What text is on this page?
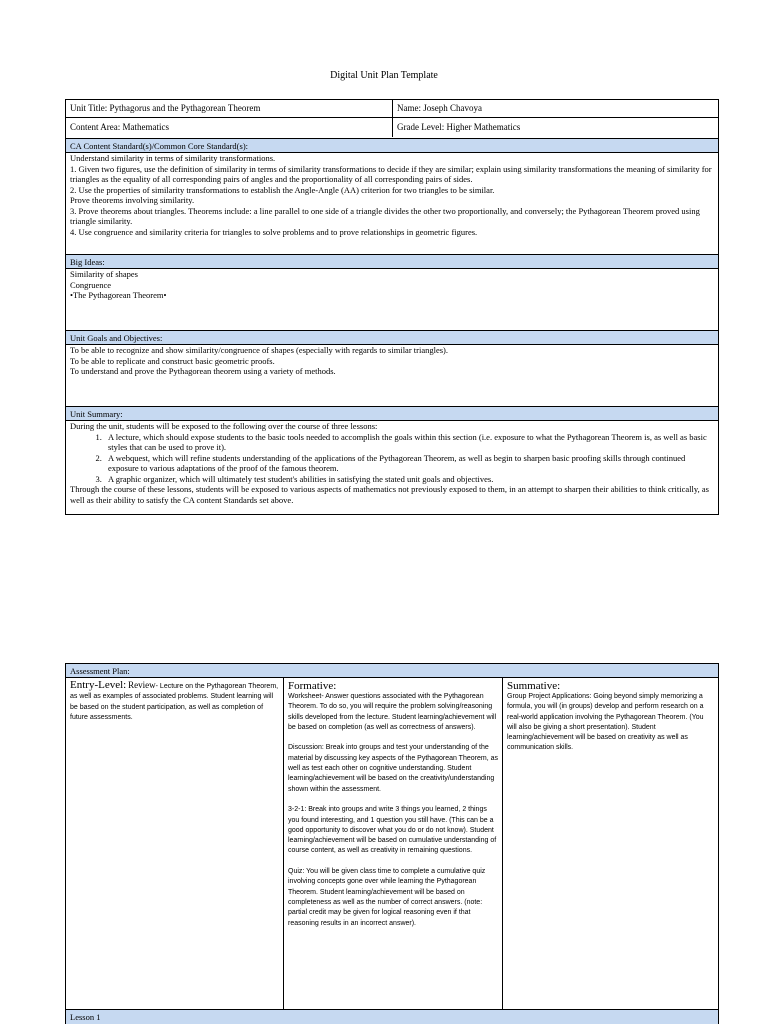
Digital Unit Plan Template
Unit Title: Pythagorus and the Pythagorean Theorem	Name: Joseph Chavoya
Content Area: Mathematics	Grade Level: Higher Mathematics
CA Content Standard(s)/Common Core Standard(s):

Understand similarity in terms of similarity transformations.

1. Given two figures, use the definition of similarity in terms of similarity transformations to decide if they are similar; explain using similarity transformations the meaning of similarity for triangles as the equality of all corresponding pairs of angles and the proportionality of all corresponding pairs of sides.

2. Use the properties of similarity transformations to establish the Angle-Angle (AA) criterion for two triangles to be similar.

Prove theorems involving similarity.

3. Prove theorems about triangles. Theorems include: a line parallel to one side of a triangle divides the other two proportionally, and conversely; the Pythagorean Theorem proved using triangle similarity.

4. Use congruence and similarity criteria for triangles to solve problems and to prove relationships in geometric figures.

Big Ideas:

Similarity of shapes

Congruence

•The Pythagorean Theorem•

Unit Goals and Objectives:

To be able to recognize and show similarity/congruence of shapes (especially with regards to similar triangles).

To be able to replicate and construct basic geometric proofs.

To understand and prove the Pythagorean theorem using a variety of methods.

Unit Summary:

During the unit, students will be exposed to the following over the course of three lessons:

1. A lecture, which should expose students to the basic tools needed to accomplish the goals within this section (i.e. exposure to what the Pythagorean Theorem is, as well as basic styles that can be used to prove it).
2. A webquest, which will refine students understanding of the applications of the Pythagorean Theorem, as well as begin to sharpen basic proofing skills through continued exposure to various adaptations of the proof of the famous theorem.
3. A graphic organizer, which will ultimately test student's abilities in satisfying the stated unit goals and objectives.

Through the course of these lessons, students will be exposed to various aspects of mathematics not previously exposed to them, in an attempt to sharpen their abilities to think critically, as well as their ability to satisfy the CA content Standards set above.

Assessment Plan:
Entry-Level: Review- Lecture on the Pythagorean Theorem, as well as examples of associated problems. Student learning will be based on the student participation, as well as completion of future assessments.
Formative:

Worksheet- Answer questions associated with the Pythagorean Theorem. To do so, you will require the problem solving/reasoning skills developed from the lecture. Student learning/achievement will be based on completion (as well as correctness of answers).

Discussion: Break into groups and test your understanding of the material by discussing key aspects of the Pythagorean Theorem, as well as test each other on cognitive understanding. Student learning/achievement will be based on the creativity/understanding shown within the assessment.

3-2-1: Break into groups and write 3 things you learned, 2 things you found interesting, and 1 question you still have. (This can be a good opportunity to discover what you do or do not know). Student learning/achievement will be based on cumulative understanding of course content, as well as creativity in remaining questions.

Quiz: You will be given class time to complete a cumulative quiz involving concepts gone over while learning the Pythagorean Theorem. Student learning/achievement will be based on completeness as well as the number of correct answers. (note: partial credit may be given for logical reasoning even if that reasoning results in an incorrect answer).

Summative:

Group Project Applications: Going beyond simply memorizing a formula, you will (in groups) develop and perform research on a real-world application involving the Pythagorean Theorem. (You will also be giving a short presentation). Student learning/achievement will be based on creativity as well as communication skills.

Lesson 1
